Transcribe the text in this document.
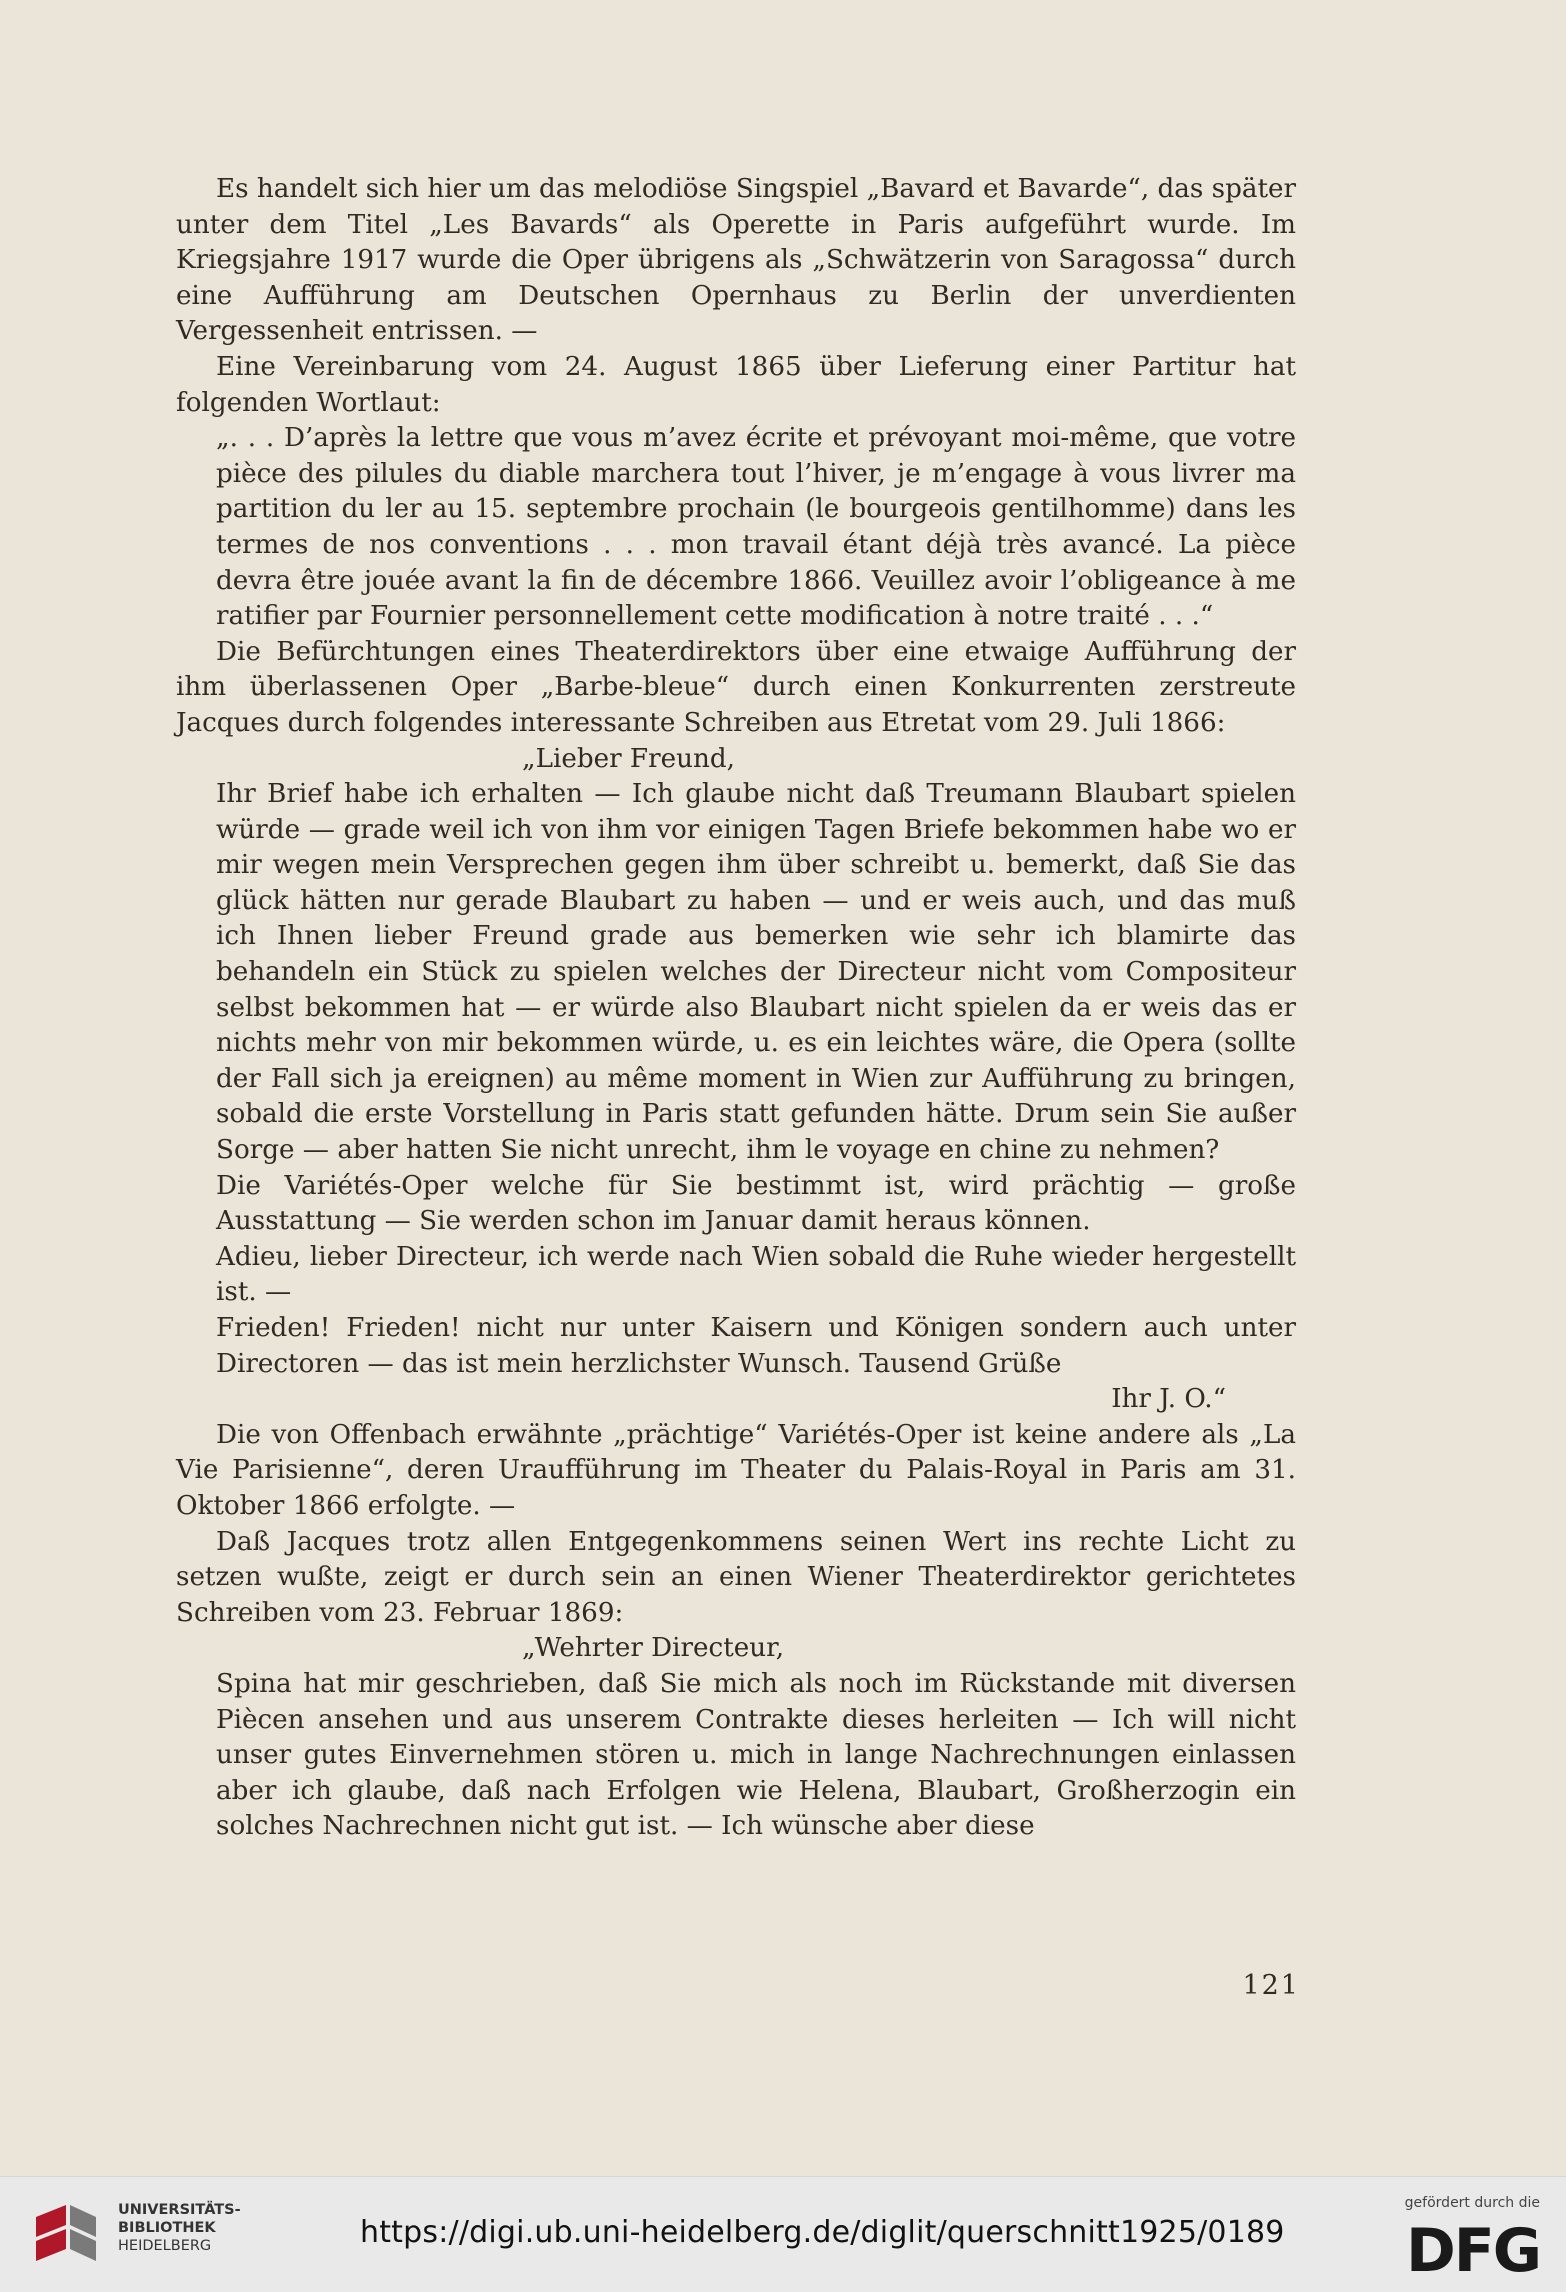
Es handelt sich hier um das melodiöse Singspiel „Bavard et Bavarde“, das später unter dem Titel „Les Bavards“ als Operette in Paris aufgeführt wurde. Im Kriegsjahre 1917 wurde die Oper übrigens als „Schwätzerin von Saragossa“ durch eine Aufführung am Deutschen Opernhaus zu Berlin der unverdienten Vergessenheit entrissen. —

Eine Vereinbarung vom 24. August 1865 über Lieferung einer Partitur hat folgenden Wortlaut:

„. . . D’après la lettre que vous m’avez écrite et prévoyant moi-même, que votre pièce des pilules du diable marchera tout l’hiver, je m’engage à vous livrer ma partition du ler au 15. septembre prochain (le bourgeois gentilhomme) dans les termes de nos conventions . . . mon travail étant déjà très avancé. La pièce devra être jouée avant la fin de décembre 1866. Veuillez avoir l’obligeance à me ratifier par Fournier personnellement cette modification à notre traité . . .“

Die Befürchtungen eines Theaterdirektors über eine etwaige Aufführung der ihm überlassenen Oper „Barbe-bleue“ durch einen Konkurrenten zerstreute Jacques durch folgendes interessante Schreiben aus Etretat vom 29. Juli 1866:

„Lieber Freund,

Ihr Brief habe ich erhalten — Ich glaube nicht daß Treumann Blaubart spielen würde — grade weil ich von ihm vor einigen Tagen Briefe bekommen habe wo er mir wegen mein Versprechen gegen ihm über schreibt u. bemerkt, daß Sie das glück hätten nur gerade Blaubart zu haben — und er weis auch, und das muß ich Ihnen lieber Freund grade aus bemerken wie sehr ich blamirte das behandeln ein Stück zu spielen welches der Directeur nicht vom Compositeur selbst bekommen hat — er würde also Blaubart nicht spielen da er weis das er nichts mehr von mir bekommen würde, u. es ein leichtes wäre, die Opera (sollte der Fall sich ja ereignen) au même moment in Wien zur Aufführung zu bringen, sobald die erste Vorstellung in Paris statt gefunden hätte. Drum sein Sie außer Sorge — aber hatten Sie nicht unrecht, ihm le voyage en chine zu nehmen?

Die Variétés-Oper welche für Sie bestimmt ist, wird prächtig — große Ausstattung — Sie werden schon im Januar damit heraus können.

Adieu, lieber Directeur, ich werde nach Wien sobald die Ruhe wieder hergestellt ist. —

Frieden! Frieden! nicht nur unter Kaisern und Königen sondern auch unter Directoren — das ist mein herzlichster Wunsch. Tausend Grüße

Ihr J. O.“

Die von Offenbach erwähnte „prächtige“ Variétés-Oper ist keine andere als „La Vie Parisienne“, deren Uraufführung im Theater du Palais-Royal in Paris am 31. Oktober 1866 erfolgte. —

Daß Jacques trotz allen Entgegenkommens seinen Wert ins rechte Licht zu setzen wußte, zeigt er durch sein an einen Wiener Theaterdirektor gerichtetes Schreiben vom 23. Februar 1869:

„Wehrter Directeur,

Spina hat mir geschrieben, daß Sie mich als noch im Rückstande mit diversen Piècen ansehen und aus unserem Contrakte dieses herleiten — Ich will nicht unser gutes Einvernehmen stören u. mich in lange Nachrechnungen einlassen aber ich glaube, daß nach Erfolgen wie Helena, Blaubart, Großherzogin ein solches Nachrechnen nicht gut ist. — Ich wünsche aber diese

121
UNIVERSITÄTS-
BIBLIOTHEK
HEIDELBERG	https://digi.ub.uni-heidelberg.de/diglit/querschnitt1925/0189
gefördert durch die
DFG
